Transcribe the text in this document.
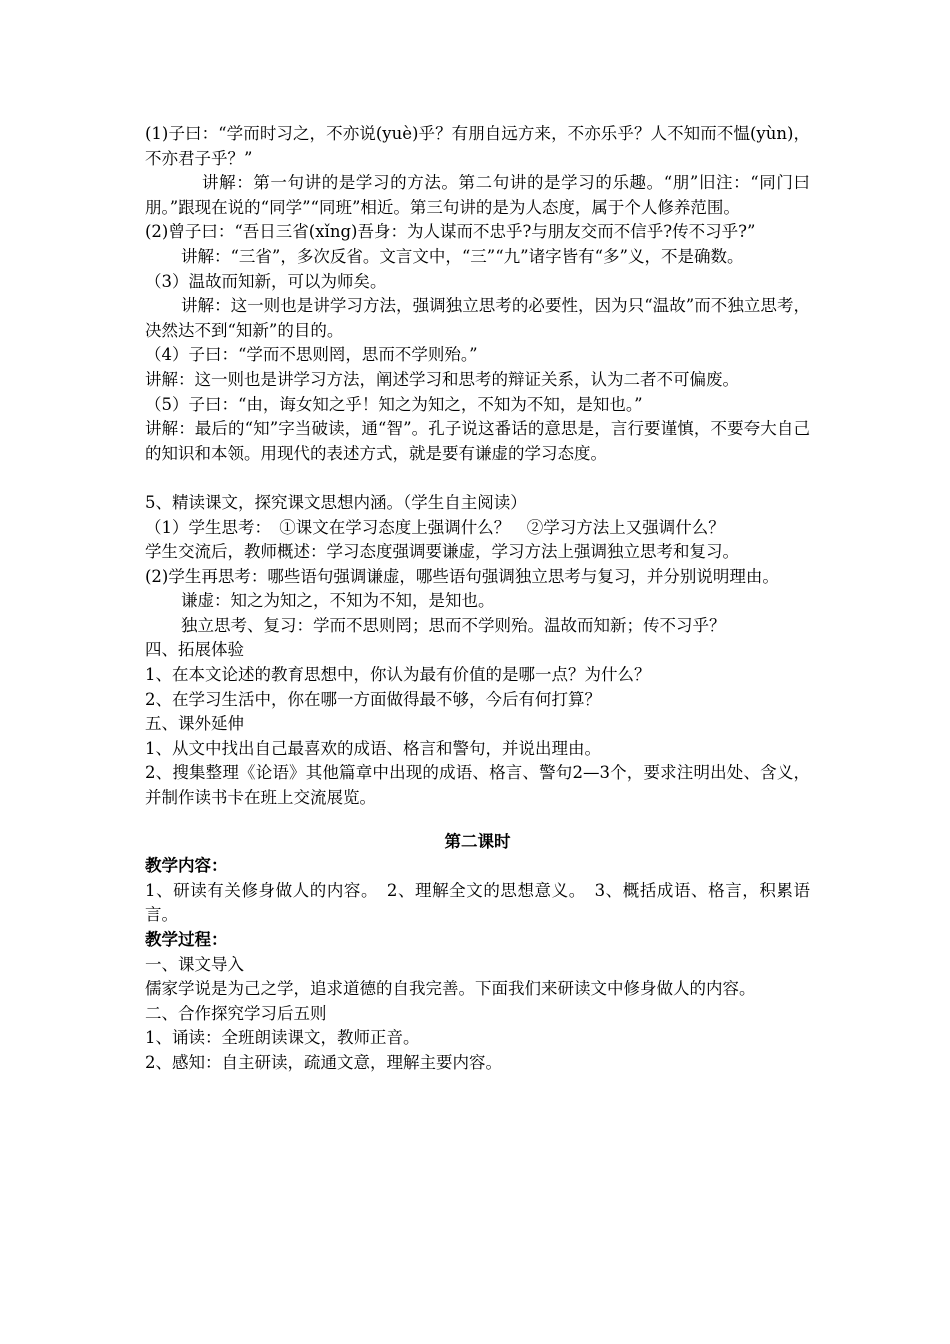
(1)子曰：“学而时习之，不亦说(yuè)乎？有朋自远方来，不亦乐乎？人不知而不愠(yùn)，不亦君子乎？”

讲解：第一句讲的是学习的方法。第二句讲的是学习的乐趣。“朋”旧注：“同门曰朋。”跟现在说的“同学”“同班”相近。第三句讲的是为人态度，属于个人修养范围。

(2)曾子曰：“吾日三省(xǐng)吾身：为人谋而不忠乎?与朋友交而不信乎?传不习乎?”

讲解：“三省”，多次反省。文言文中，“三”“九”诸字皆有“多”义，不是确数。

（3）温故而知新，可以为师矣。

讲解：这一则也是讲学习方法，强调独立思考的必要性，因为只“温故”而不独立思考，决然达不到“知新”的目的。

（4）子曰：“学而不思则罔，思而不学则殆。”

讲解：这一则也是讲学习方法，阐述学习和思考的辩证关系，认为二者不可偏废。

（5）子曰：“由，诲女知之乎！知之为知之，不知为不知，是知也。”

讲解：最后的“知”字当破读，通“智”。孔子说这番话的意思是，言行要谨慎，不要夸大自己的知识和本领。用现代的表述方式，就是要有谦虚的学习态度。

5、精读课文，探究课文思想内涵。（学生自主阅读）

（1）学生思考：　①课文在学习态度上强调什么？　②学习方法上又强调什么？

学生交流后，教师概述：学习态度强调要谦虚，学习方法上强调独立思考和复习。

(2)学生再思考：哪些语句强调谦虚，哪些语句强调独立思考与复习，并分别说明理由。

谦虚：知之为知之，不知为不知，是知也。

独立思考、复习：学而不思则罔；思而不学则殆。温故而知新；传不习乎？

四、拓展体验

1、在本文论述的教育思想中，你认为最有价值的是哪一点？为什么？

2、在学习生活中，你在哪一方面做得最不够，今后有何打算？

五、课外延伸

1、从文中找出自己最喜欢的成语、格言和警句，并说出理由。

2、搜集整理《论语》其他篇章中出现的成语、格言、警句2—3个，要求注明出处、含义，并制作读书卡在班上交流展览。

第二课时

教学内容：

1、研读有关修身做人的内容。　2、理解全文的思想意义。　3、概括成语、格言，积累语言。

教学过程：

一、课文导入

儒家学说是为己之学，追求道德的自我完善。下面我们来研读文中修身做人的内容。

二、合作探究学习后五则

1、诵读：全班朗读课文，教师正音。

2、感知：自主研读，疏通文意，理解主要内容。
